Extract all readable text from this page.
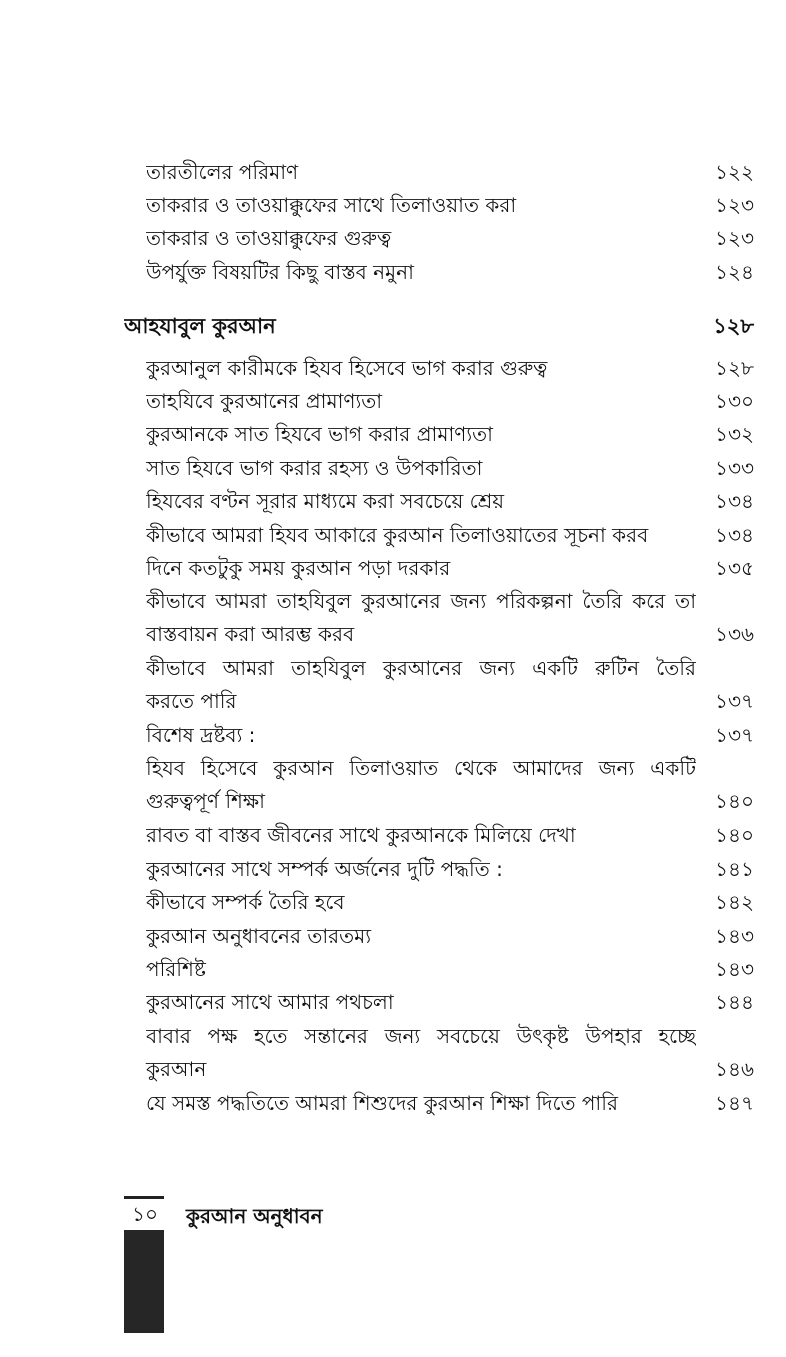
তারতীলের পরিমাণ	১২২
তাকরার ও তাওয়াক্কুফের সাথে তিলাওয়াত করা	১২৩
তাকরার ও তাওয়াক্কুফের গুরুত্ব	১২৩
উপর্যুক্ত বিষয়টির কিছু বাস্তব নমুনা	১২৪
আহযাবুল কুরআন	১২৮
কুরআনুল কারীমকে হিযব হিসেবে ভাগ করার গুরুত্ব	১২৮
তাহযিবে কুরআনের প্রামাণ্যতা	১৩০
কুরআনকে সাত হিযবে ভাগ করার প্রামাণ্যতা	১৩২
সাত হিযবে ভাগ করার রহস্য ও উপকারিতা	১৩৩
হিযবের বণ্টন সূরার মাধ্যমে করা সবচেয়ে শ্রেয়	১৩৪
কীভাবে আমরা হিযব আকারে কুরআন তিলাওয়াতের সূচনা করব	১৩৪
দিনে কতটুকু সময় কুরআন পড়া দরকার	১৩৫
কীভাবে আমরা তাহযিবুল কুরআনের জন্য পরিকল্পনা তৈরি করে তা
বাস্তবায়ন করা আরম্ভ করব	১৩৬
কীভাবে আমরা তাহযিবুল কুরআনের জন্য একটি রুটিন তৈরি
করতে পারি	১৩৭
বিশেষ দ্রষ্টব্য :	১৩৭
হিযব হিসেবে কুরআন তিলাওয়াত থেকে আমাদের জন্য একটি
গুরুত্বপূর্ণ শিক্ষা	১৪০
রাবত বা বাস্তব জীবনের সাথে কুরআনকে মিলিয়ে দেখা	১৪০
কুরআনের সাথে সম্পর্ক অর্জনের দুটি পদ্ধতি :	১৪১
কীভাবে সম্পর্ক তৈরি হবে	১৪২
কুরআন অনুধাবনের তারতম্য	১৪৩
পরিশিষ্ট	১৪৩
কুরআনের সাথে আমার পথচলা	১৪৪
বাবার পক্ষ হতে সন্তানের জন্য সবচেয়ে উৎকৃষ্ট উপহার হচ্ছে
কুরআন	১৪৬
যে সমস্ত পদ্ধতিতে আমরা শিশুদের কুরআন শিক্ষা দিতে পারি	১৪৭
১০	কুরআন অনুধাবন
